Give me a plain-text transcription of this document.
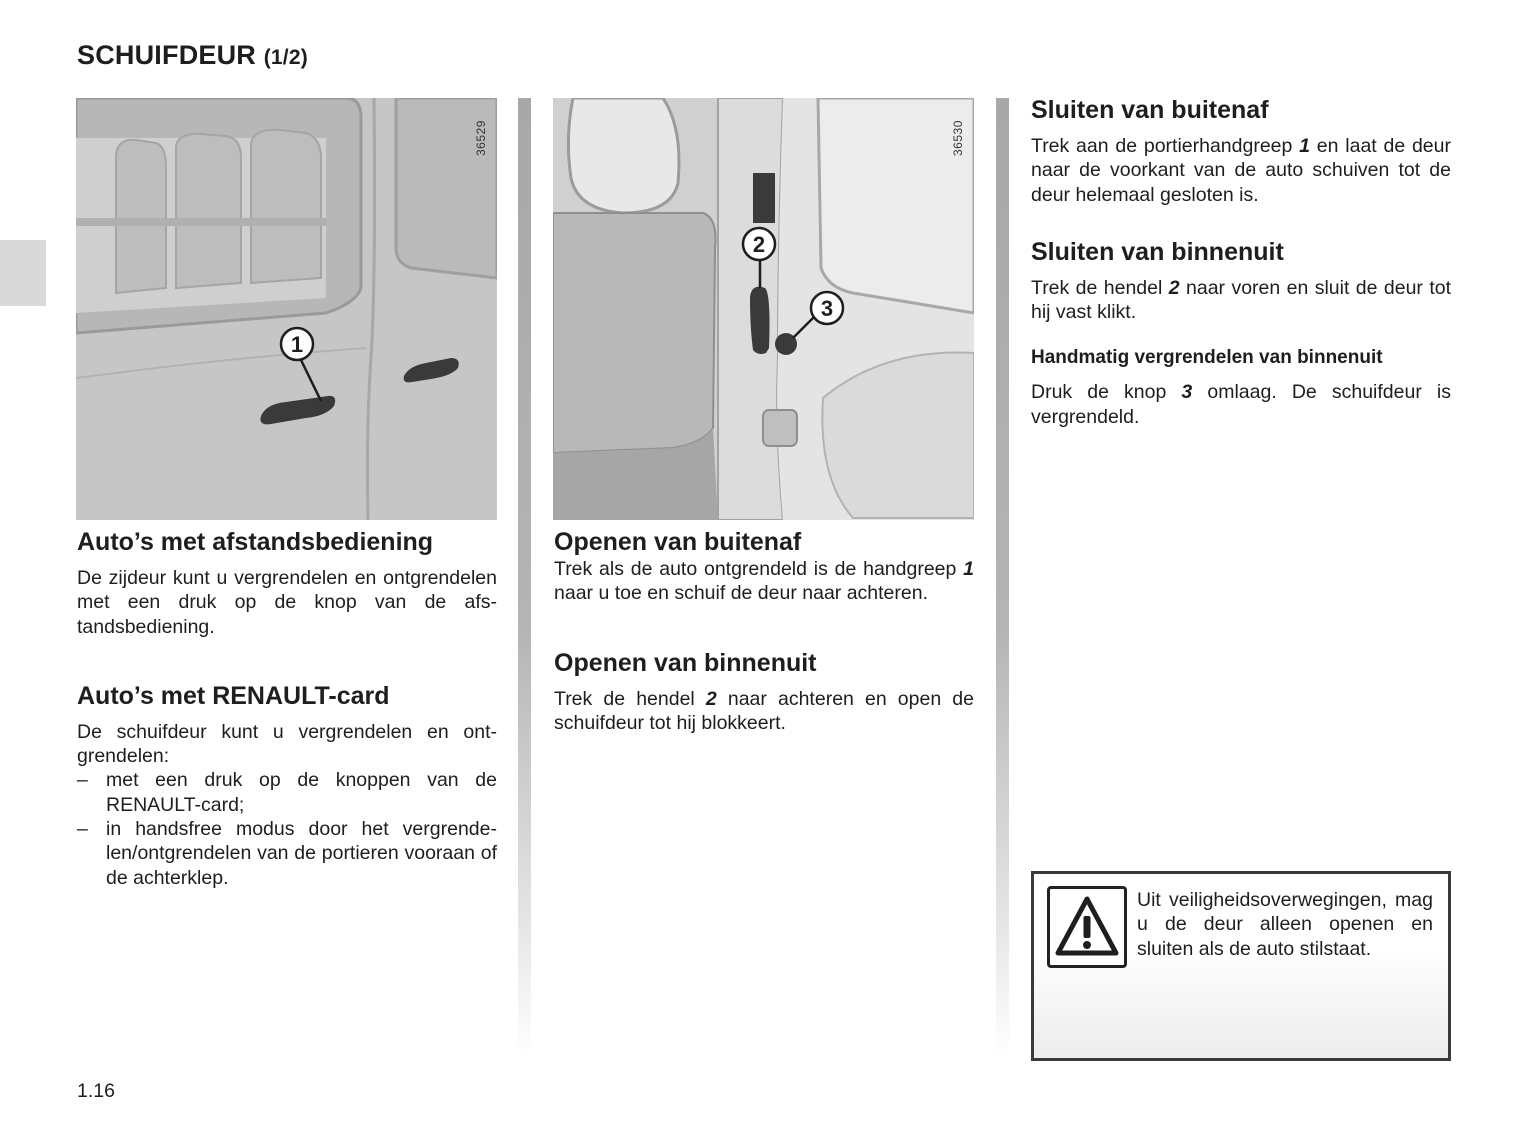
SCHUIFDEUR (1/2)
1
36529
2
3
36530
Auto’s met afstandsbediening

De zijdeur kunt u vergrendelen en ontgrendelen met een druk op de knop van de afstandsbediening.

Auto’s met RENAULT-card

De schuifdeur kunt u vergrendelen en ontgrendelen:

– met een druk op de knoppen van de RENAULT-card;
– in handsfree modus door het vergrendelen/ontgrendelen van de portieren vooraan of de achterklep.
Openen van buitenaf

Trek als de auto ontgrendeld is de handgreep 1 naar u toe en schuif de deur naar achteren.

Openen van binnenuit

Trek de hendel 2 naar achteren en open de schuifdeur tot hij blokkeert.

Sluiten van buitenaf

Trek aan de portierhandgreep 1 en laat de deur naar de voorkant van de auto schuiven tot de deur helemaal gesloten is.

Sluiten van binnenuit

Trek de hendel 2 naar voren en sluit de deur tot hij vast klikt.

Handmatig vergrendelen van binnenuit

Druk de knop 3 omlaag. De schuifdeur is vergrendeld.

Uit veiligheidsoverwegingen, mag u de deur alleen openen en sluiten als de auto stilstaat.
1.16
